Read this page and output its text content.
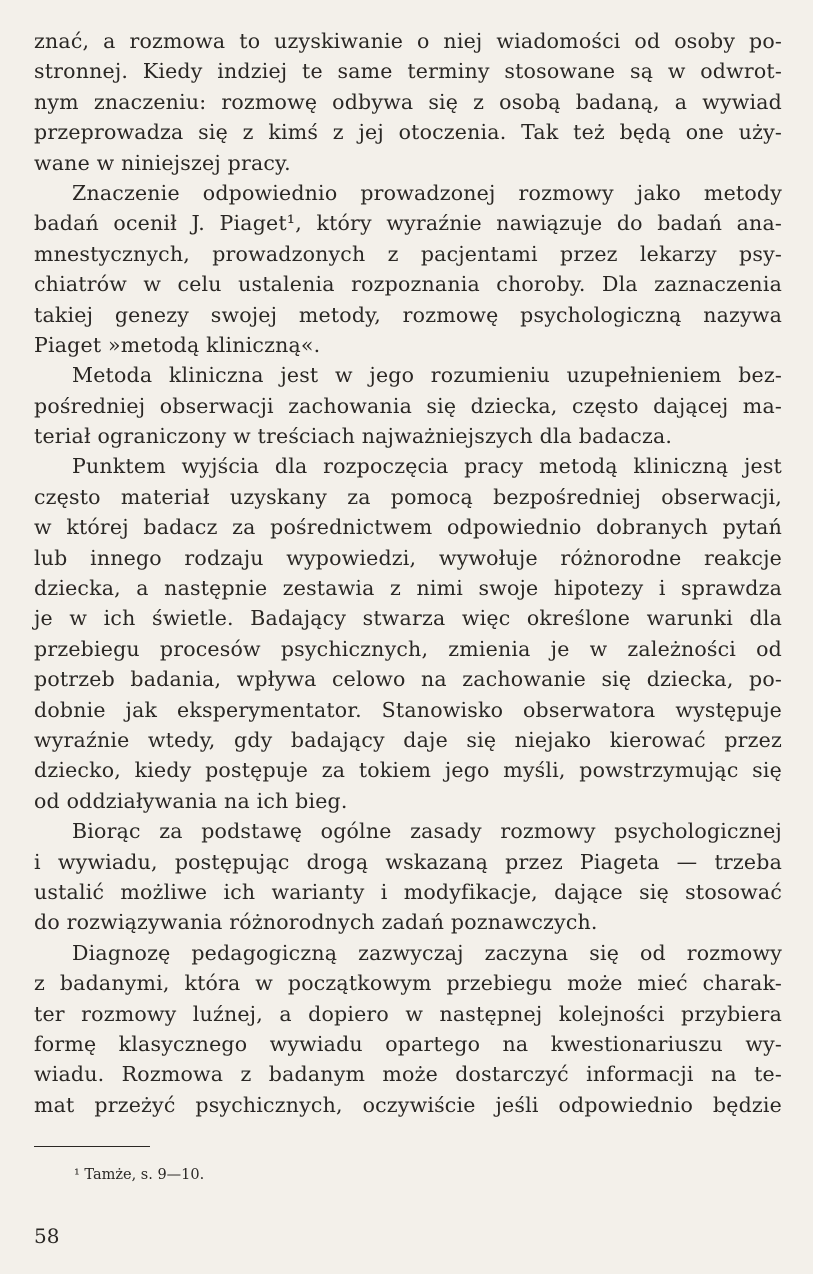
znać, a rozmowa to uzyskiwanie o niej wiadomości od osoby po-
stronnej. Kiedy indziej te same terminy stosowane są w odwrot-
nym znaczeniu: rozmowę odbywa się z osobą badaną, a wywiad
przeprowadza się z kimś z jej otoczenia. Tak też będą one uży-
wane w niniejszej pracy.
Znaczenie odpowiednio prowadzonej rozmowy jako metody
badań ocenił J. Piaget¹, który wyraźnie nawiązuje do badań ana-
mnestycznych, prowadzonych z pacjentami przez lekarzy psy-
chiatrów w celu ustalenia rozpoznania choroby. Dla zaznaczenia
takiej genezy swojej metody, rozmowę psychologiczną nazywa
Piaget »metodą kliniczną«.
Metoda kliniczna jest w jego rozumieniu uzupełnieniem bez-
pośredniej obserwacji zachowania się dziecka, często dającej ma-
teriał ograniczony w treściach najważniejszych dla badacza.
Punktem wyjścia dla rozpoczęcia pracy metodą kliniczną jest
często materiał uzyskany za pomocą bezpośredniej obserwacji,
w której badacz za pośrednictwem odpowiednio dobranych pytań
lub innego rodzaju wypowiedzi, wywołuje różnorodne reakcje
dziecka, a następnie zestawia z nimi swoje hipotezy i sprawdza
je w ich świetle. Badający stwarza więc określone warunki dla
przebiegu procesów psychicznych, zmienia je w zależności od
potrzeb badania, wpływa celowo na zachowanie się dziecka, po-
dobnie jak eksperymentator. Stanowisko obserwatora występuje
wyraźnie wtedy, gdy badający daje się niejako kierować przez
dziecko, kiedy postępuje za tokiem jego myśli, powstrzymując się
od oddziaływania na ich bieg.
Biorąc za podstawę ogólne zasady rozmowy psychologicznej
i wywiadu, postępując drogą wskazaną przez Piageta — trzeba
ustalić możliwe ich warianty i modyfikacje, dające się stosować
do rozwiązywania różnorodnych zadań poznawczych.
Diagnozę pedagogiczną zazwyczaj zaczyna się od rozmowy
z badanymi, która w początkowym przebiegu może mieć charak-
ter rozmowy luźnej, a dopiero w następnej kolejności przybiera
formę klasycznego wywiadu opartego na kwestionariuszu wy-
wiadu. Rozmowa z badanym może dostarczyć informacji na te-
mat przeżyć psychicznych, oczywiście jeśli odpowiednio będzie
¹ Tamże, s. 9—10.
58
